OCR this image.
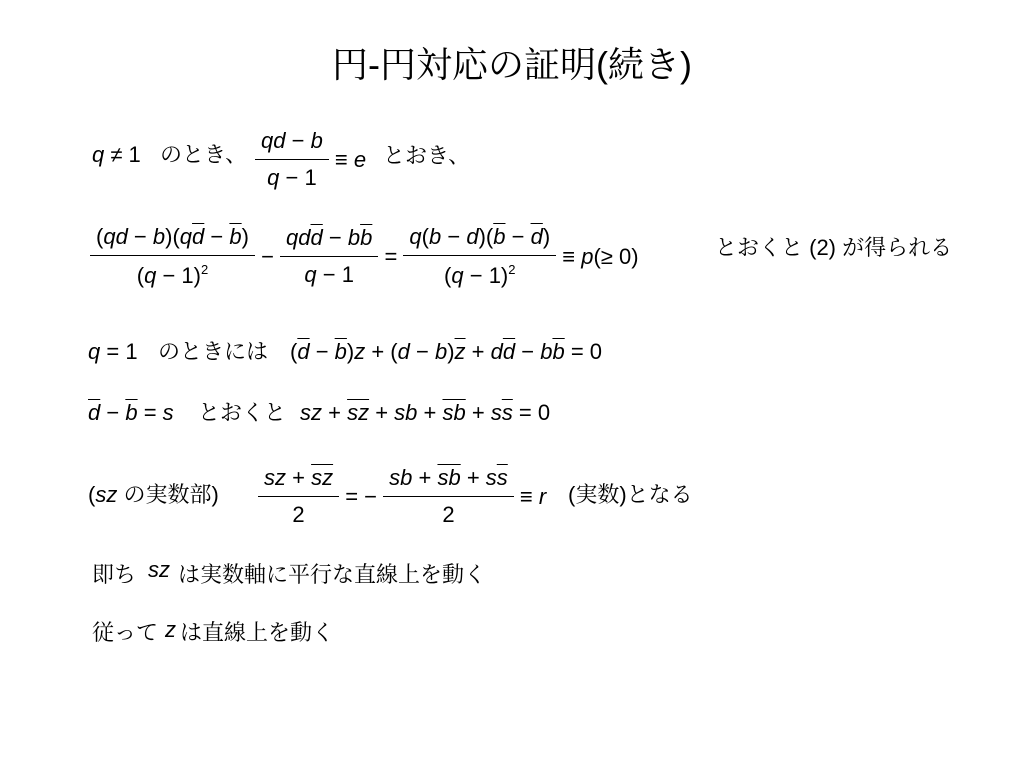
円-円対応の証明(続き)
q ≠ 1 のとき、 $\frac{qd - b}{q - 1} \equiv e$ とおき、
$\frac{(qd - b)(q\overline{d} - \overline{b})}{(q - 1)^2} - \frac{qd\overline{d} - b\overline{b}}{q - 1} = \frac{q(b - d)(\overline{b} - \overline{d})}{(q - 1)^2} \equiv p$ (≥ 0)	とおくと (2) が得られる
q = 1 のときには ( $\overline{d} - \overline{b}$ ) z + ( d − b ) $\overline{z} + d$ $\overline{d} - b$ $\overline{b} = 0$
$\overline{d} - \overline{b} = s$ とおくと sz + $\overline{sz}$ + sb + $\overline{sb} + s$ $\overline{s} = 0$
( sz の実数部) $\frac{sz + \overline{sz}}{2}$ = − $\frac{sb + \overline{sb} + s\overline{s}}{2} \equiv r$ (実数)となる
即ち sz は実数軸に平行な直線上を動く
従って z は直線上を動く
